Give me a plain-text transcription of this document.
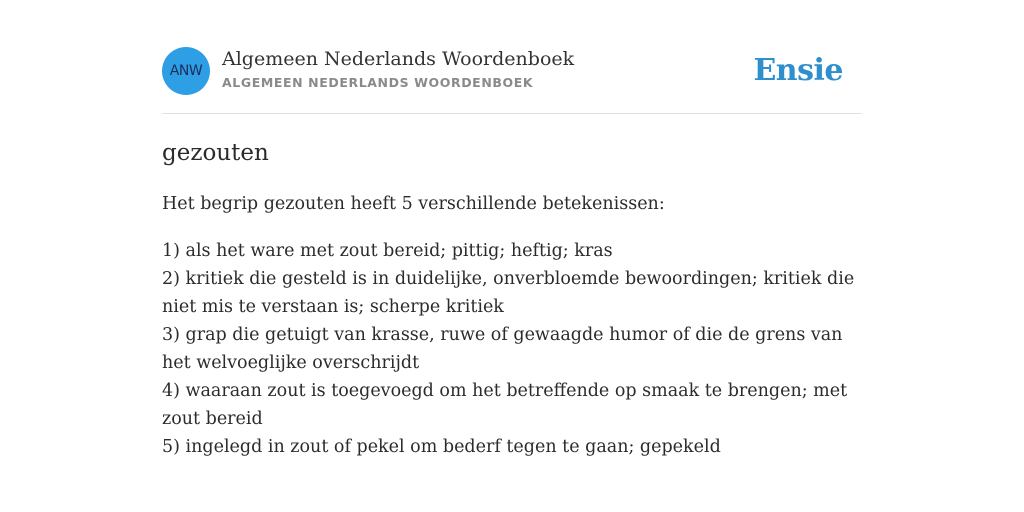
ANW
Algemeen Nederlands Woordenboek
ALGEMEEN NEDERLANDS WOORDENBOEK	Ensie
gezouten
Het begrip gezouten heeft 5 verschillende betekenissen:
1) als het ware met zout bereid; pittig; heftig; kras
2) kritiek die gesteld is in duidelijke, onverbloemde bewoordingen; kritiek die niet mis te verstaan is; scherpe kritiek
3) grap die getuigt van krasse, ruwe of gewaagde humor of die de grens van het welvoeglijke overschrijdt
4) waaraan zout is toegevoegd om het betreffende op smaak te brengen; met zout bereid
5) ingelegd in zout of pekel om bederf tegen te gaan; gepekeld
